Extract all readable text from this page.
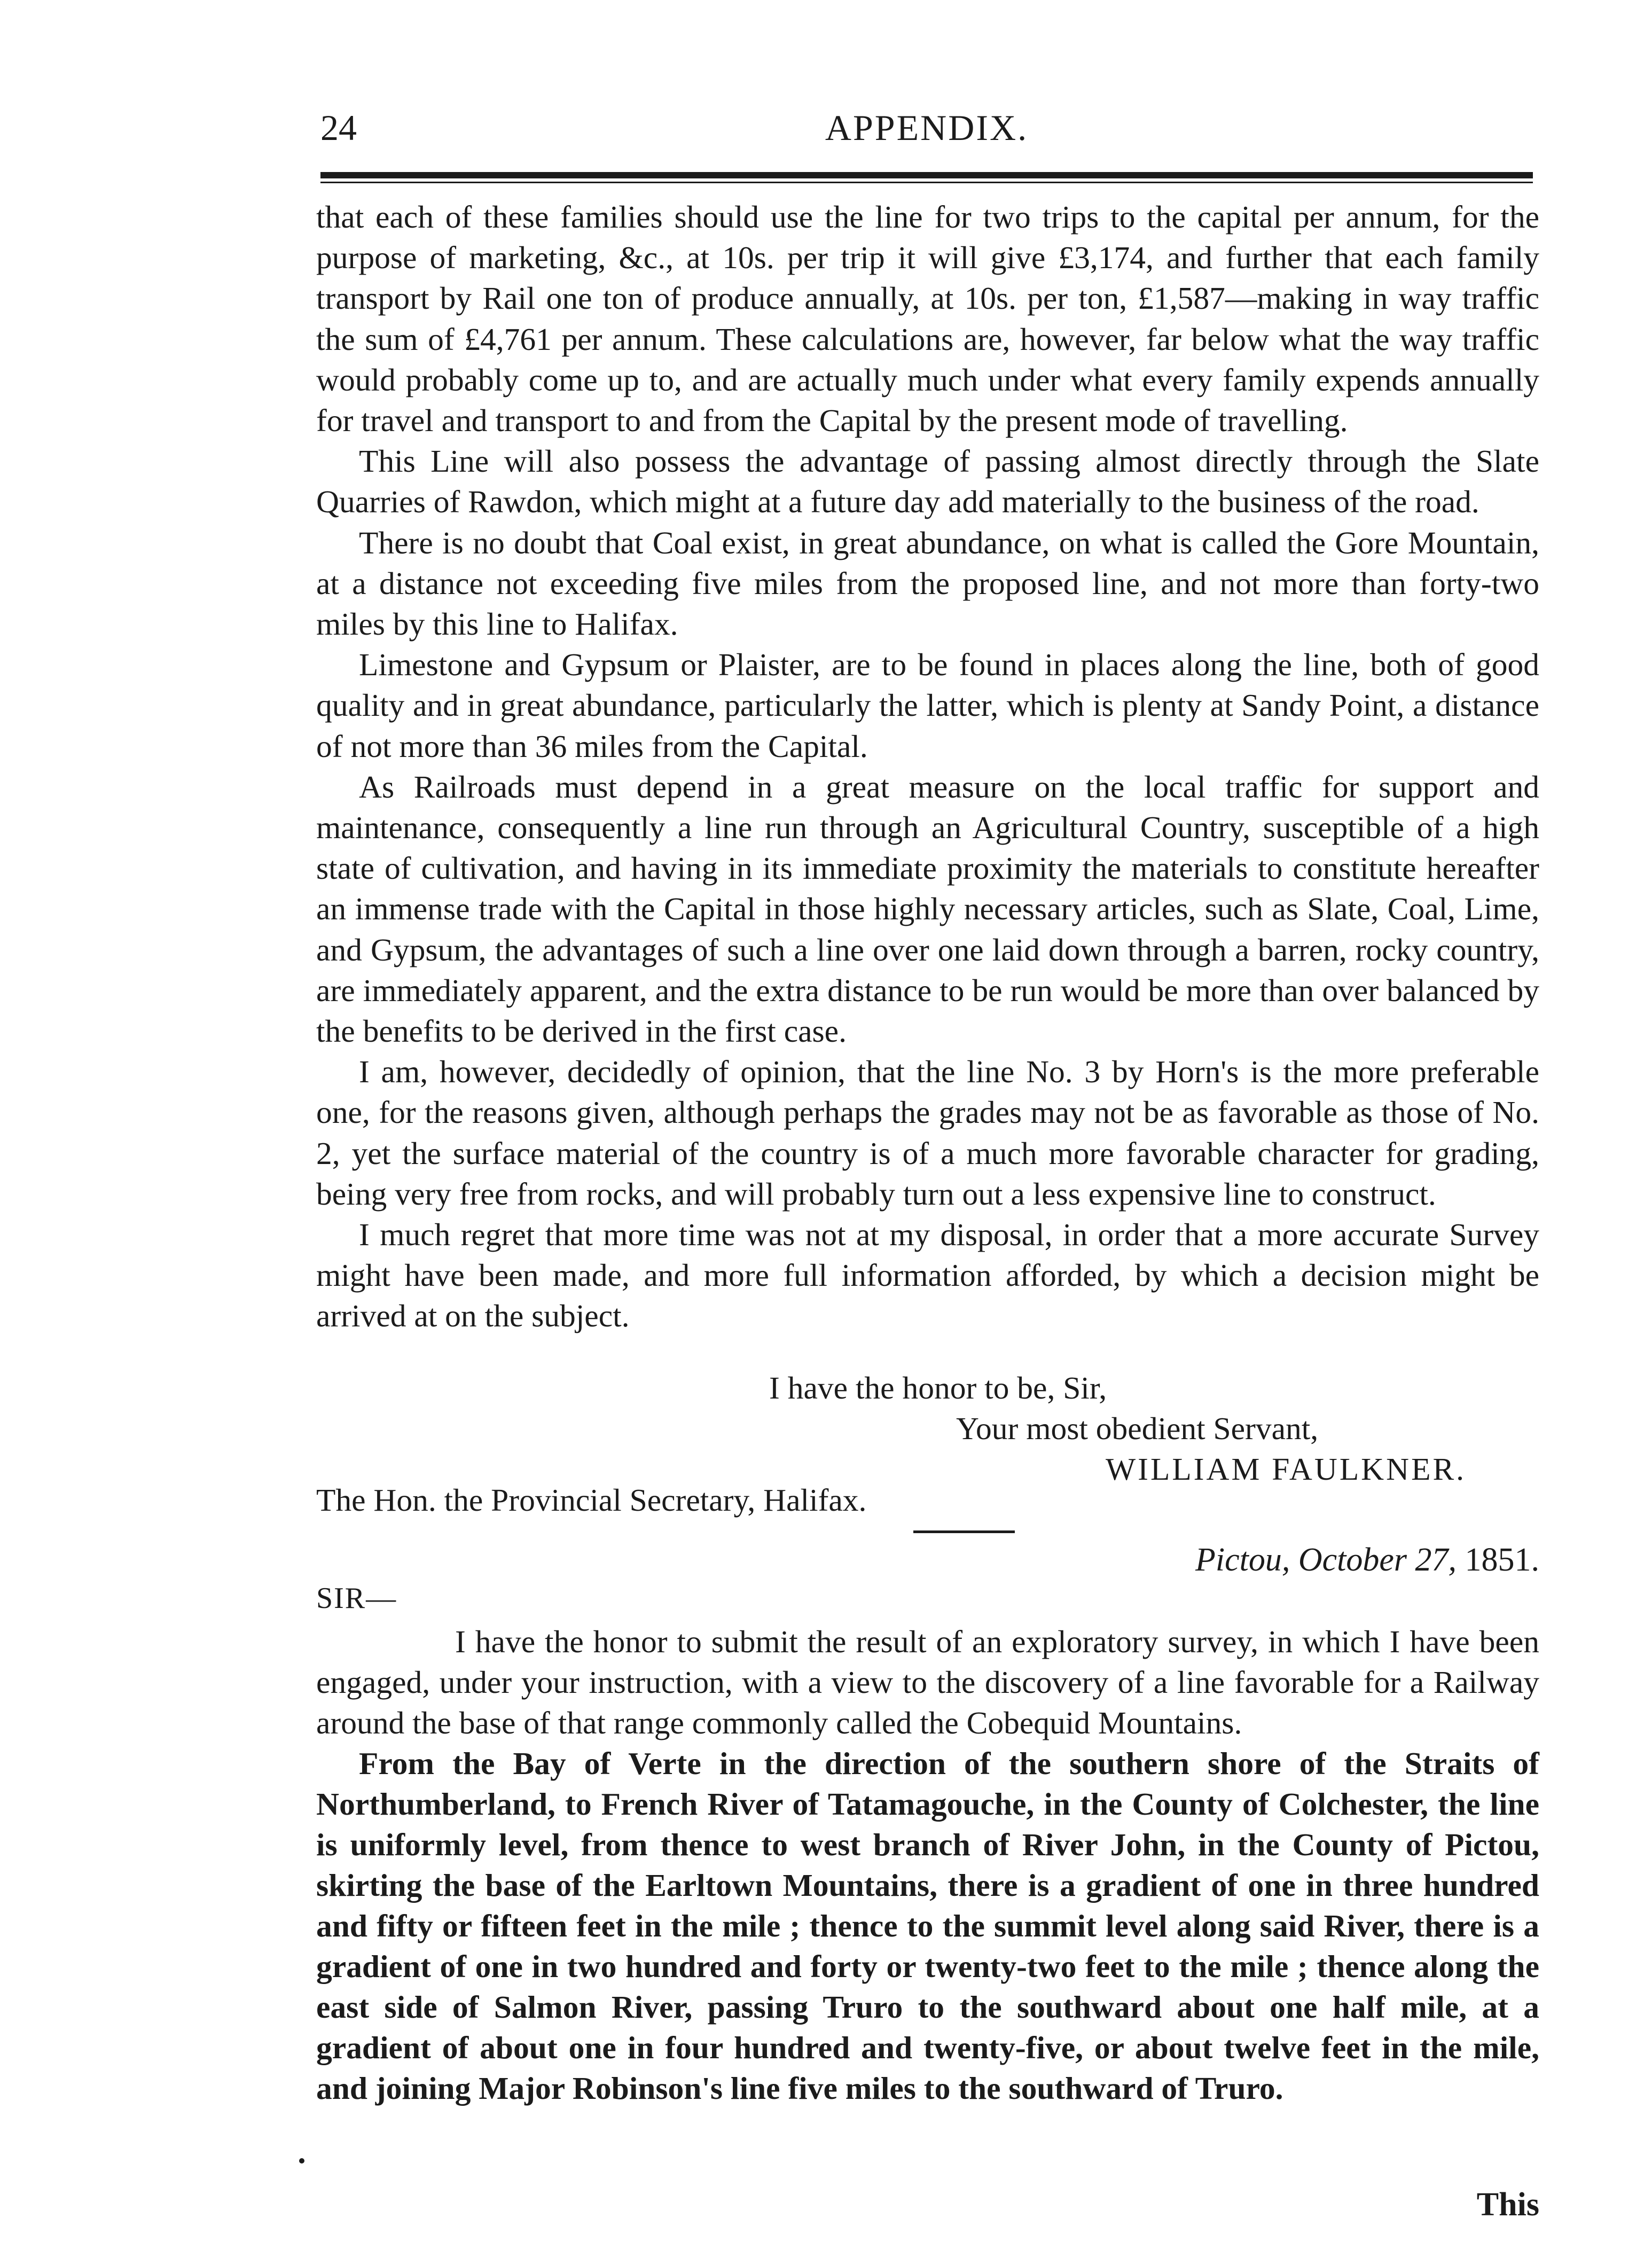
24	APPENDIX.

that each of these families should use the line for two trips to the capital per annum, for the purpose of marketing, &c., at 10s. per trip it will give £3,174, and further that each family transport by Rail one ton of produce annually, at 10s. per ton, £1,587—making in way traffic the sum of £4,761 per annum. These calculations are, however, far below what the way traffic would probably come up to, and are actually much under what every family expends annually for travel and transport to and from the Capital by the present mode of travelling.

This Line will also possess the advantage of passing almost directly through the Slate Quarries of Rawdon, which might at a future day add materially to the business of the road.

There is no doubt that Coal exist, in great abundance, on what is called the Gore Mountain, at a distance not exceeding five miles from the proposed line, and not more than forty-two miles by this line to Halifax.

Limestone and Gypsum or Plaister, are to be found in places along the line, both of good quality and in great abundance, particularly the latter, which is plenty at Sandy Point, a distance of not more than 36 miles from the Capital.

As Railroads must depend in a great measure on the local traffic for support and maintenance, consequently a line run through an Agricultural Country, susceptible of a high state of cultivation, and having in its immediate proximity the materials to constitute hereafter an immense trade with the Capital in those highly necessary articles, such as Slate, Coal, Lime, and Gypsum, the advantages of such a line over one laid down through a barren, rocky country, are immediately apparent, and the extra distance to be run would be more than over balanced by the benefits to be derived in the first case.

I am, however, decidedly of opinion, that the line No. 3 by Horn's is the more preferable one, for the reasons given, although perhaps the grades may not be as favorable as those of No. 2, yet the surface material of the country is of a much more favorable character for grading, being very free from rocks, and will probably turn out a less expensive line to construct.

I much regret that more time was not at my disposal, in order that a more accurate Survey might have been made, and more full information afforded, by which a decision might be arrived at on the subject.

I have the honor to be, Sir,
Your most obedient Servant,
WILLIAM FAULKNER.
The Hon. the Provincial Secretary, Halifax.
Pictou, October 27, 1851.
SIR—

I have the honor to submit the result of an exploratory survey, in which I have been engaged, under your instruction, with a view to the discovery of a line favorable for a Railway around the base of that range commonly called the Cobequid Mountains.

From the Bay of Verte in the direction of the southern shore of the Straits of Northumberland, to French River of Tatamagouche, in the County of Colchester, the line is uniformly level, from thence to west branch of River John, in the County of Pictou, skirting the base of the Earltown Mountains, there is a gradient of one in three hundred and fifty or fifteen feet in the mile ; thence to the summit level along said River, there is a gradient of one in two hundred and forty or twenty-two feet to the mile ; thence along the east side of Salmon River, passing Truro to the southward about one half mile, at a gradient of about one in four hundred and twenty-five, or about twelve feet in the mile, and joining Major Robinson's line five miles to the southward of Truro.

This
